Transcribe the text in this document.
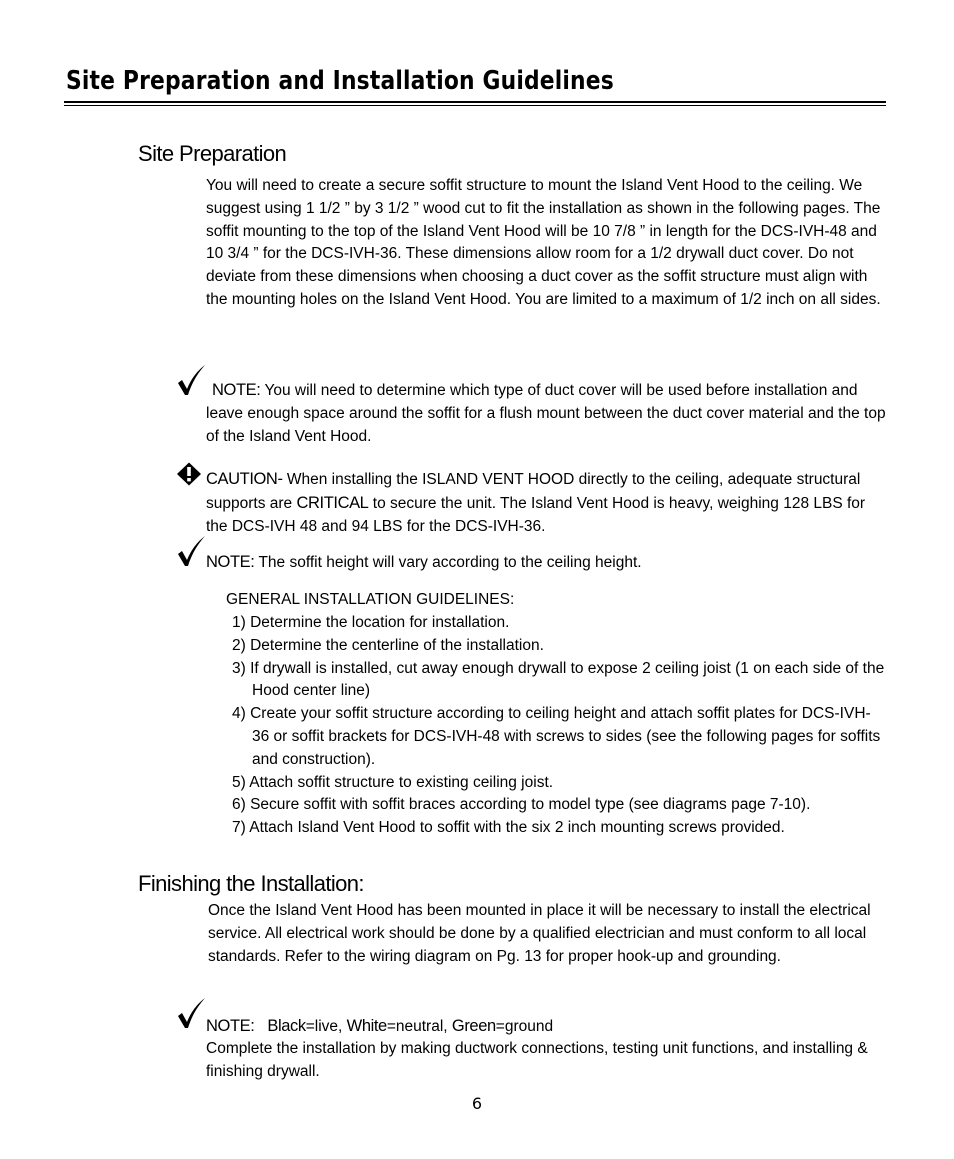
Site Preparation and Installation Guidelines
Site Preparation

You will need to create a secure soffit structure to mount the Island Vent Hood to the ceiling. We suggest using 1 1/2 ” by 3 1/2 ” wood cut to fit the installation as shown in the following pages. The soffit mounting to the top of the Island Vent Hood will be 10 7/8 ” in length for the DCS-IVH-48 and 10 3/4 ” for the DCS-IVH-36. These dimensions allow room for a 1/2 drywall duct cover. Do not deviate from these dimensions when choosing a duct cover as the soffit structure must align with the mounting holes on the Island Vent Hood. You are limited to a maximum of 1/2 inch on all sides.

NOTE: You will need to determine which type of duct cover will be used before installation and leave enough space around the soffit for a flush mount between the duct cover material and the top of the Island Vent Hood.

CAUTION- When installing the ISLAND VENT HOOD directly to the ceiling, adequate structural supports are CRITICAL to secure the unit. The Island Vent Hood is heavy, weighing 128 LBS for the DCS-IVH 48 and 94 LBS for the DCS-IVH-36.

NOTE: The soffit height will vary according to the ceiling height.

GENERAL INSTALLATION GUIDELINES:
1) Determine the location for installation.
2) Determine the centerline of the installation.
3) If drywall is installed, cut away enough drywall to expose 2 ceiling joist (1 on each side of the Hood center line)
4) Create your soffit structure according to ceiling height and attach soffit plates for DCS-IVH-36 or soffit brackets for DCS-IVH-48 with screws to sides (see the following pages for soffits and construction).
5) Attach soffit structure to existing ceiling joist.
6) Secure soffit with soffit braces according to model type (see diagrams page 7-10).
7) Attach Island Vent Hood to soffit with the six 2 inch mounting screws provided.
Finishing the Installation:

Once the Island Vent Hood has been mounted in place it will be necessary to install the electrical service. All electrical work should be done by a qualified electrician and must conform to all local standards. Refer to the wiring diagram on Pg. 13 for proper hook-up and grounding.

NOTE: Black=live, White=neutral, Green=ground

Complete the installation by making ductwork connections, testing unit functions, and installing & finishing drywall.

6
